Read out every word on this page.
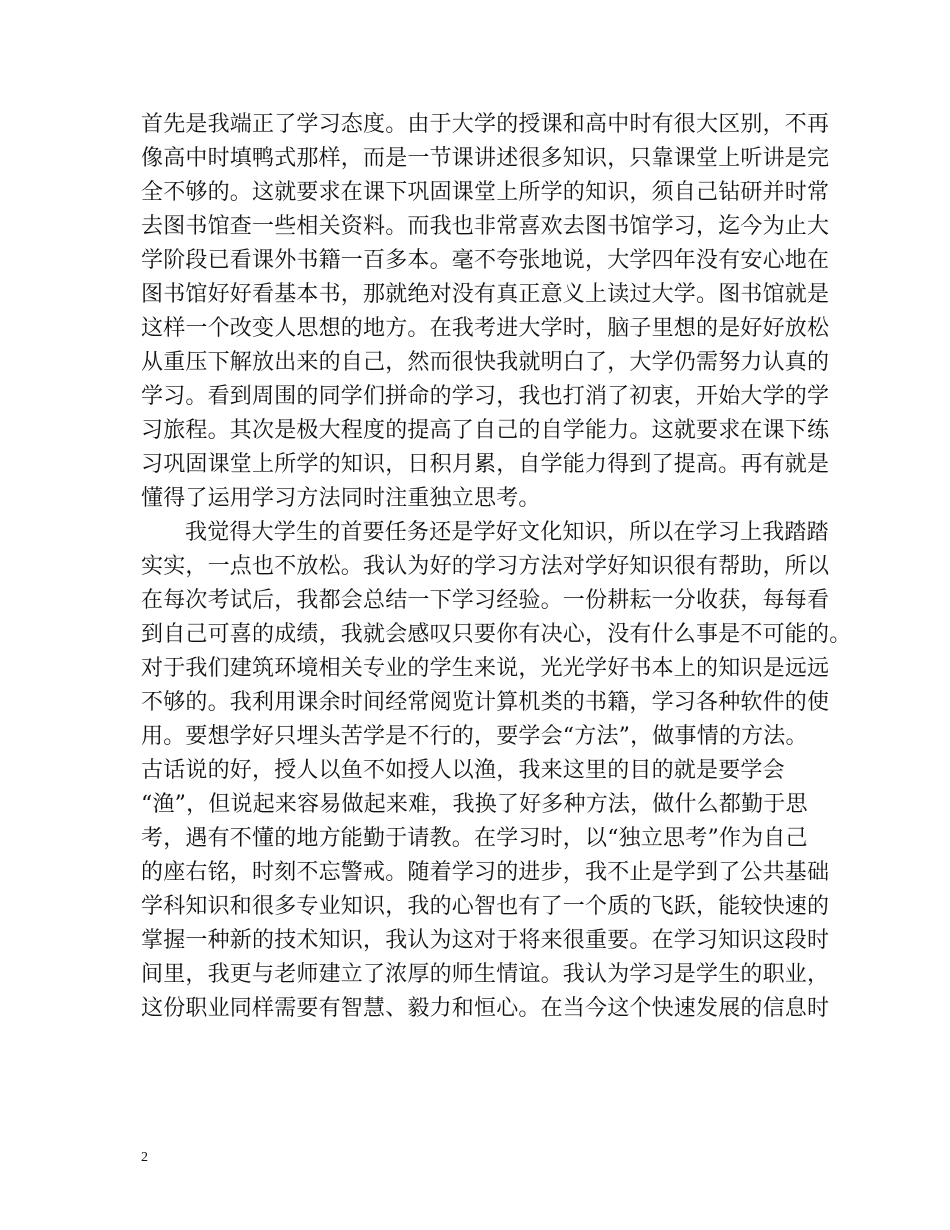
首先是我端正了学习态度。由于大学的授课和高中时有很大区别，不再
像高中时填鸭式那样，而是一节课讲述很多知识，只靠课堂上听讲是完
全不够的。这就要求在课下巩固课堂上所学的知识，须自己钻研并时常
去图书馆查一些相关资料。而我也非常喜欢去图书馆学习，迄今为止大
学阶段已看课外书籍一百多本。毫不夸张地说，大学四年没有安心地在
图书馆好好看基本书，那就绝对没有真正意义上读过大学。图书馆就是
这样一个改变人思想的地方。在我考进大学时，脑子里想的是好好放松
从重压下解放出来的自己，然而很快我就明白了，大学仍需努力认真的
学习。看到周围的同学们拼命的学习，我也打消了初衷，开始大学的学
习旅程。其次是极大程度的提高了自己的自学能力。这就要求在课下练
习巩固课堂上所学的知识，日积月累，自学能力得到了提高。再有就是
懂得了运用学习方法同时注重独立思考。
我觉得大学生的首要任务还是学好文化知识，所以在学习上我踏踏
实实，一点也不放松。我认为好的学习方法对学好知识很有帮助，所以
在每次考试后，我都会总结一下学习经验。一份耕耘一分收获，每每看
到自己可喜的成绩，我就会感叹只要你有决心，没有什么事是不可能的。
对于我们建筑环境相关专业的学生来说，光光学好书本上的知识是远远
不够的。我利用课余时间经常阅览计算机类的书籍，学习各种软件的使
用。要想学好只埋头苦学是不行的，要学会“方法”，做事情的方法。
古话说的好，授人以鱼不如授人以渔，我来这里的目的就是要学会
“渔”，但说起来容易做起来难，我换了好多种方法，做什么都勤于思
考，遇有不懂的地方能勤于请教。在学习时，以“独立思考”作为自己
的座右铭，时刻不忘警戒。随着学习的进步，我不止是学到了公共基础
学科知识和很多专业知识，我的心智也有了一个质的飞跃，能较快速的
掌握一种新的技术知识，我认为这对于将来很重要。在学习知识这段时
间里，我更与老师建立了浓厚的师生情谊。我认为学习是学生的职业，
这份职业同样需要有智慧、毅力和恒心。在当今这个快速发展的信息时
2
